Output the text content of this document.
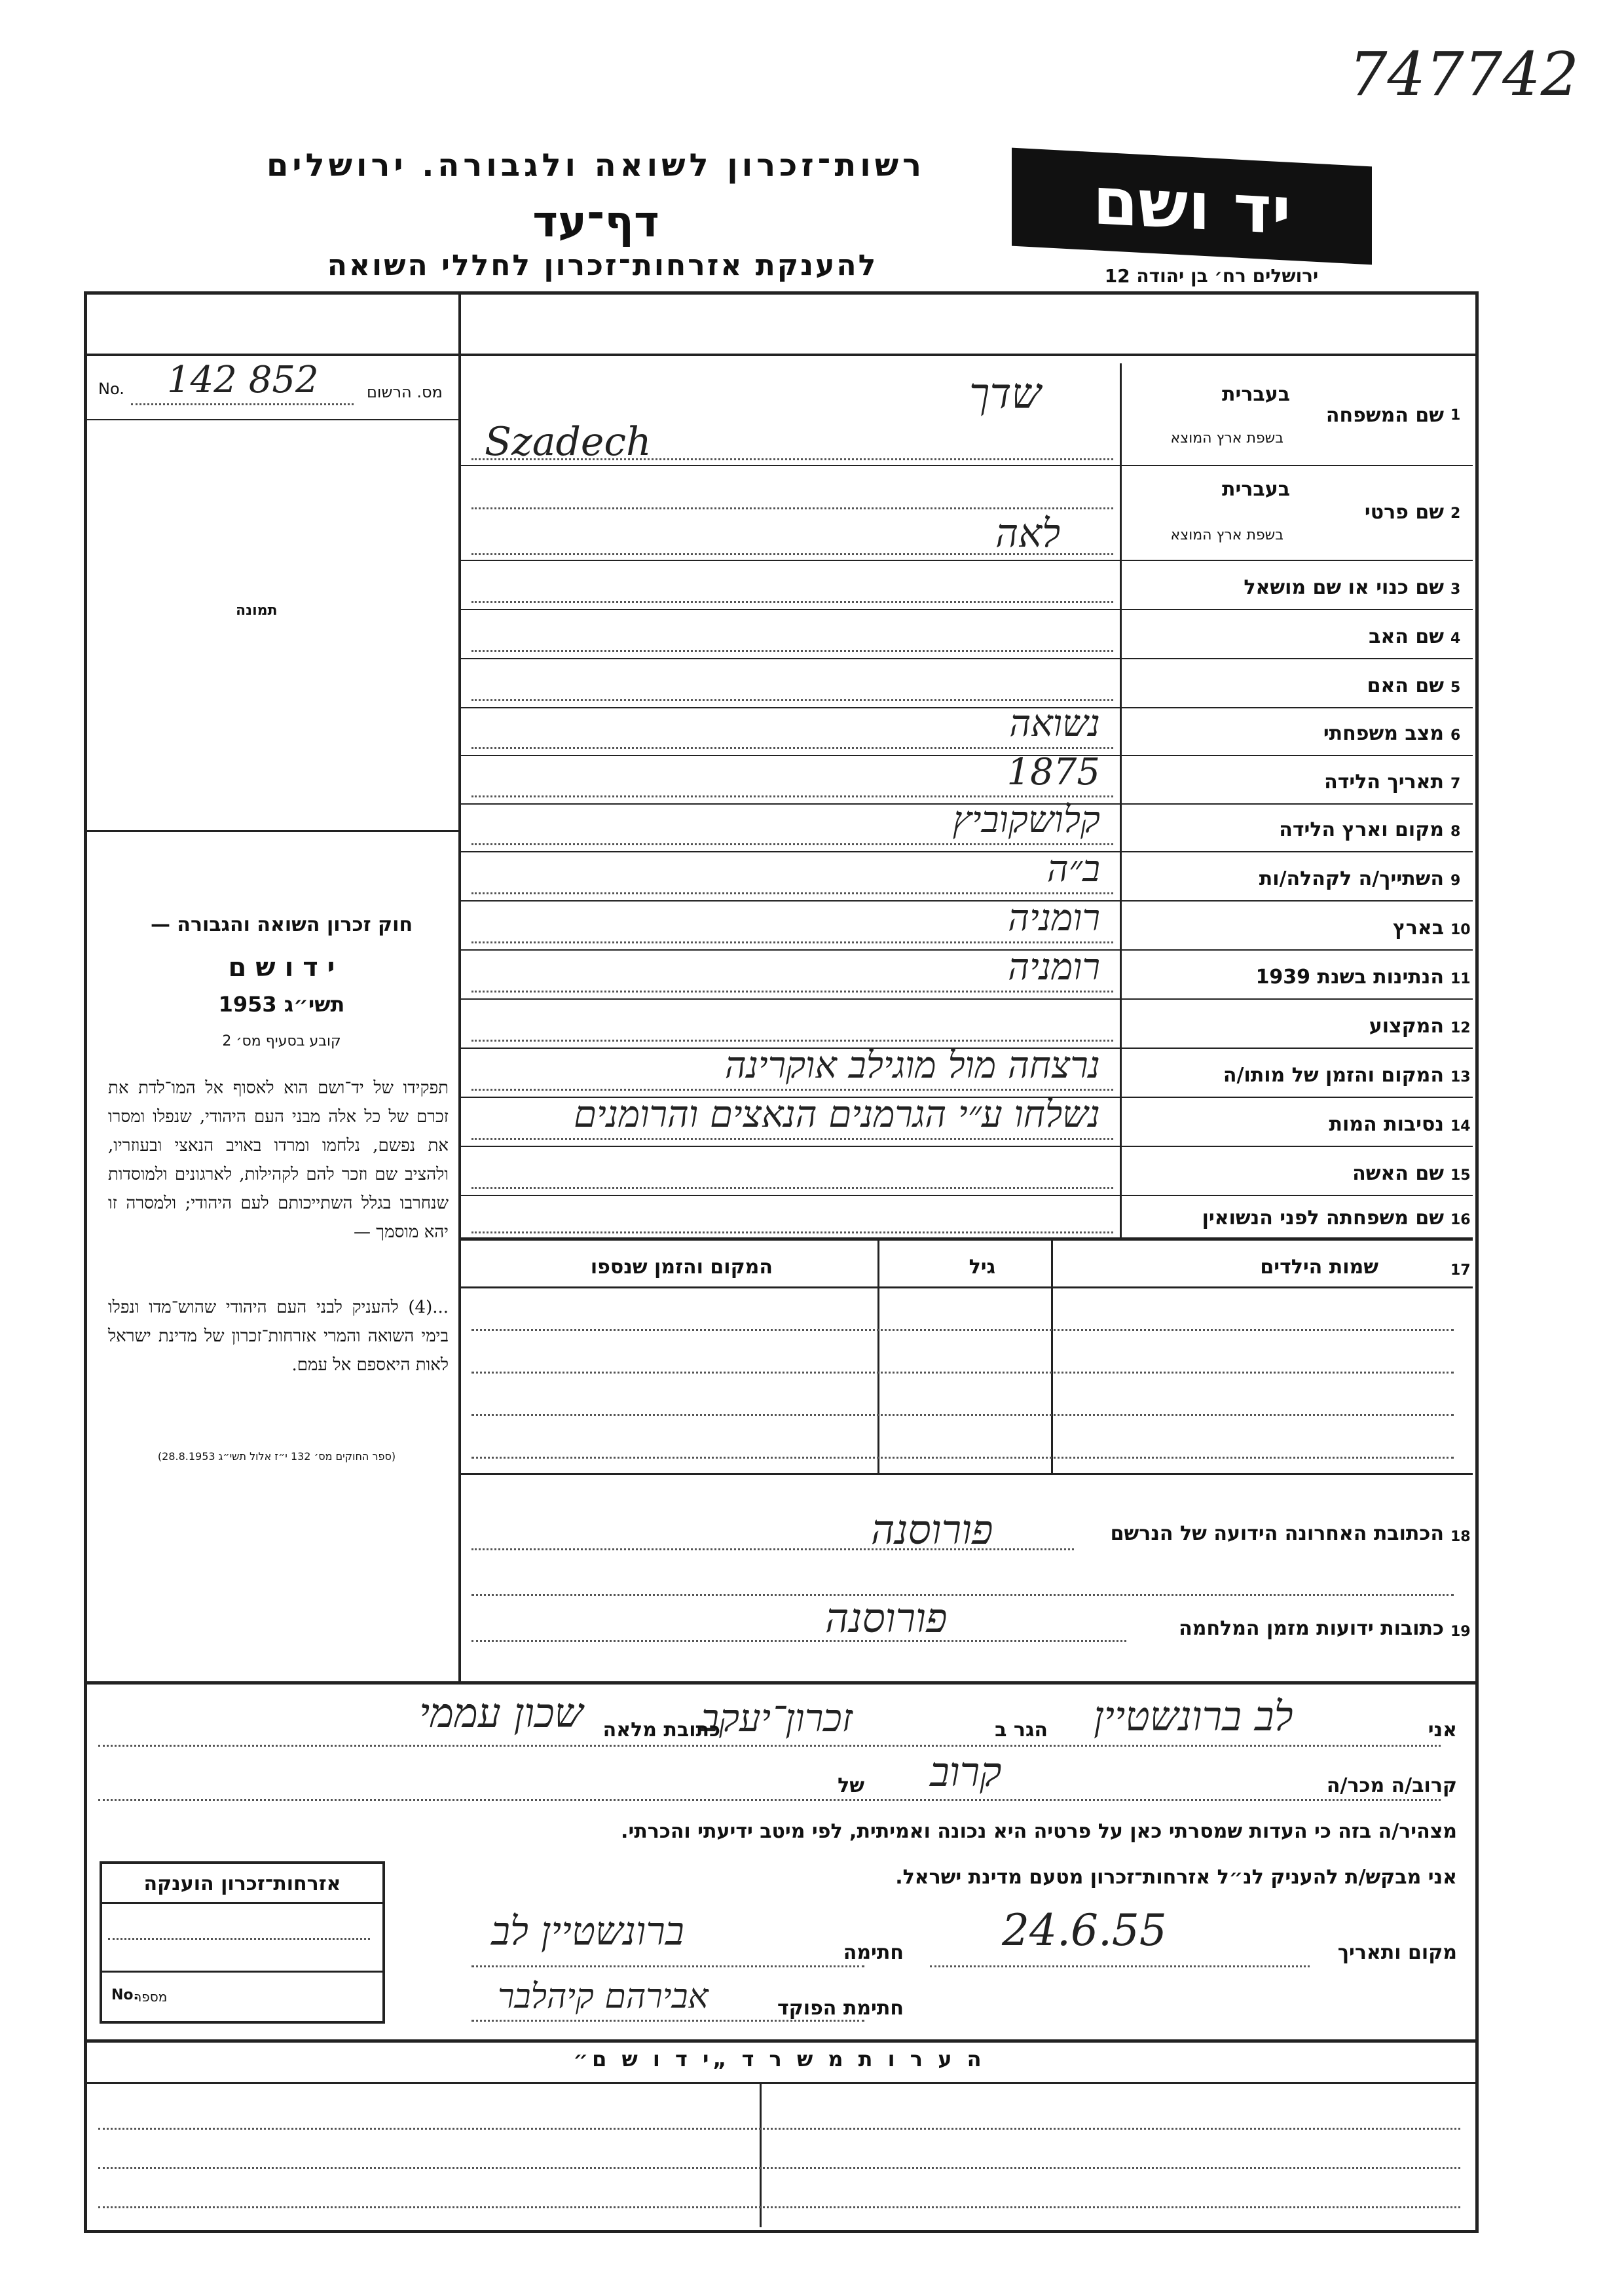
747742
רשות־זכרון לשואה ולגבורה. ירושלים
דף־עד
להענקת אזרחות־זכרון לחללי השואה
יד ושם
ירושלים רח׳ בן יהודה 12
No. 142 852	מס. הרשום
תמונה
חוק זכרון השואה והגבורה —
י ד ו ש ם
תשי״ג 1953
קובע בסעיף מס׳ 2
תפקידו של יד־ושם הוא לאסוף אל המו־לדת את זכרם של כל אלה מבני העם היהודי, שנפלו ומסרו את נפשם, נלחמו ומרדו באויב הנאצי ובעוזריו, ולהציב שם וזכר להם לקהילות, לארגונים ולמוסדות שנחרבו בגלל השתייכותם לעם היהודי; ולמסרה זו יהא מוסמך —
...(4) להעניק לבני העם היהודי שהוש־מדו ונפלו בימי השואה והמרי אזרחות־זכרון של מדינת ישראל לאות היאספם אל עמם.
(ספר החוקים מס׳ 132 י״ז אלול תשי״ג 28.8.1953)
בעברית
שם המשפחה 1
בשפת ארץ המוצא
שדך
Szadech
בעברית
שם פרטי 2
בשפת ארץ המוצא
לאה
שם כנוי או שם מושאל 3
שם האב 4
שם האם 5
מצב משפחתי 6
נשואה
תאריך הלידה 7
1875
מקום וארץ הלידה 8
קלושקוביץ
השתייך/ה לקהלה/ות 9
ב״ה
בארץ 10
רומניה
הנתינות בשנת 1939 11
רומניה
המקצוע 12
המקום והזמן של מותו/ה 13
נרצחה מול מוגילב אוקרינה
נסיבות המות 14
נשלחו ע״י הגרמנים הנאצים והרומנים
שם האשה 15
שם משפחתה לפני הנשואין 16
17
שמות הילדים
גיל
המקום והזמן שנספו
18
הכתובת האחרונה הידועה של הנרשם
פורוסנה
19
כתובות ידועות מזמן המלחמה
פורוסנה
אני
לב ברונשטיין
הגר ב
זכרון־יעקב
כתובת מלאה
שכון עממי
קרוב/ה מכר/ה
קרוב
של
מצהיר/ה בזה כי העדות שמסרתי כאן על פרטיה היא נכונה ואמיתית, לפי מיטב ידיעתי והכרתי.
אני מבקש/ת להעניק לנ״ל אזרחות־זכרון מטעם מדינת ישראל.
מקום ותאריך
24.6.55
חתימה
ברונשטיין לב
חתימת הפוקד
אבירהם קיהלבר
אזרחות־זכרון הוענקה
No.
מספר
ה ע ר ו ת מ ש ר ד „י ד ו ש ם״
